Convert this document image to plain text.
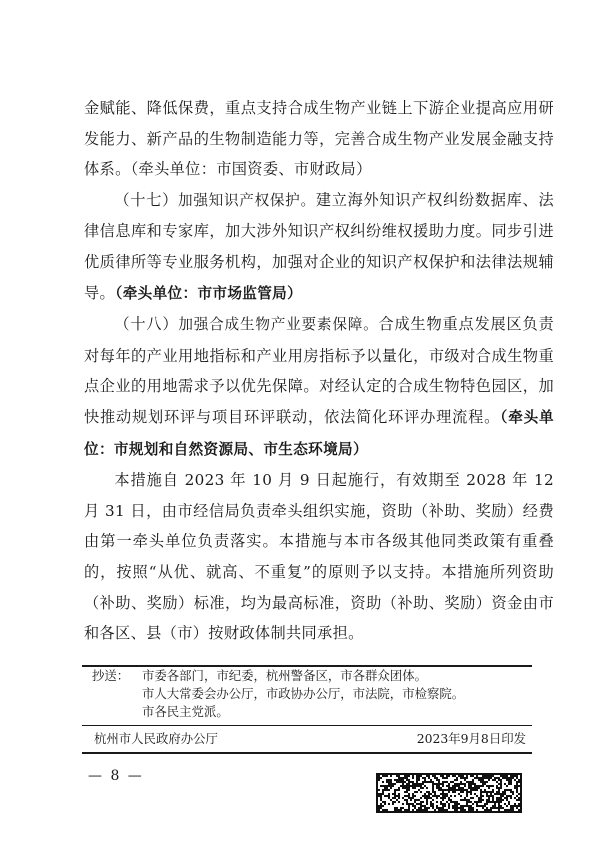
金赋能、降低保费，重点支持合成生物产业链上下游企业提高应用研发能力、新产品的生物制造能力等，完善合成生物产业发展金融支持体系。（牵头单位：市国资委、市财政局）

（十七）加强知识产权保护。建立海外知识产权纠纷数据库、法律信息库和专家库，加大涉外知识产权纠纷维权援助力度。同步引进优质律所等专业服务机构，加强对企业的知识产权保护和法律法规辅导。（牵头单位：市市场监管局）

（十八）加强合成生物产业要素保障。合成生物重点发展区负责对每年的产业用地指标和产业用房指标予以量化，市级对合成生物重点企业的用地需求予以优先保障。对经认定的合成生物特色园区，加快推动规划环评与项目环评联动，依法简化环评办理流程。（牵头单位：市规划和自然资源局、市生态环境局）

本措施自 2023 年 10 月 9 日起施行，有效期至 2028 年 12 月 31 日，由市经信局负责牵头组织实施，资助（补助、奖励）经费由第一牵头单位负责落实。本措施与本市各级其他同类政策有重叠的，按照“从优、就高、不重复”的原则予以支持。本措施所列资助（补助、奖励）标准，均为最高标准，资助（补助、奖励）资金由市和各区、县（市）按财政体制共同承担。

抄送：	市委各部门，市纪委，杭州警备区，市各群众团体。
市人大常委会办公厅，市政协办公厅，市法院，市检察院。
市各民主党派。
杭州市人民政府办公厅	2023年9月8日印发
— 8 —
